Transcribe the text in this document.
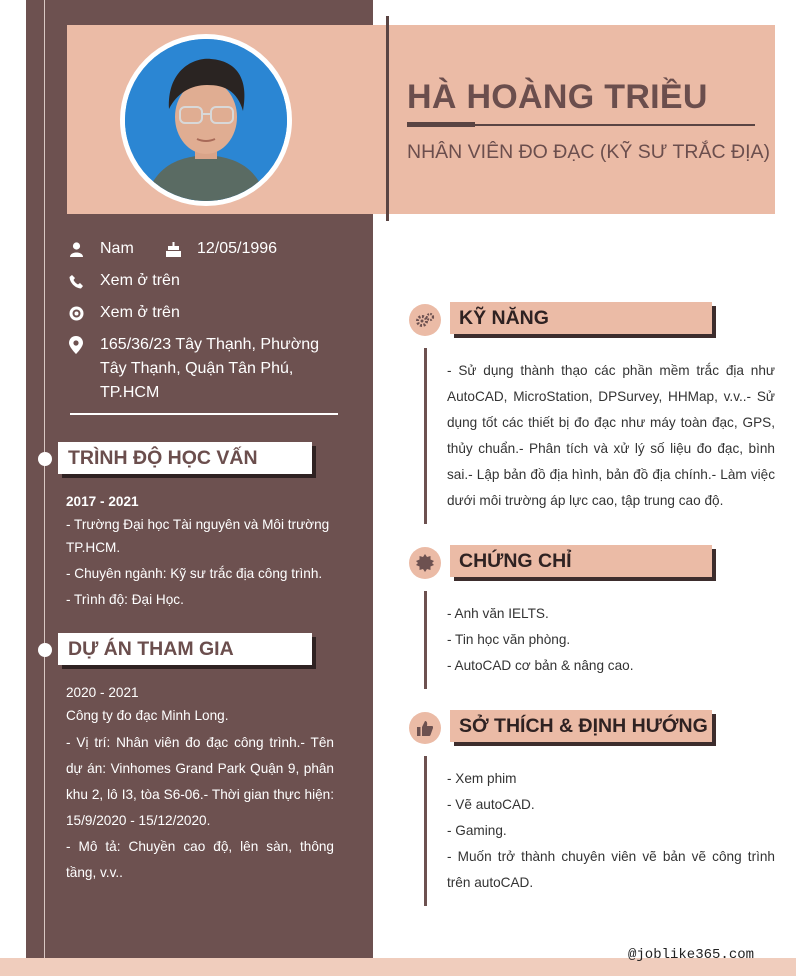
HÀ HOÀNG TRIỀU
NHÂN VIÊN ĐO ĐẠC (KỸ SƯ TRẮC ĐỊA)
Nam	12/05/1996
Xem ở trên
Xem ở trên
165/36/23 Tây Thạnh, Phường
Tây Thạnh, Quận Tân Phú,
TP.HCM
TRÌNH ĐỘ HỌC VẤN
2017 - 2021
- Trường Đại học Tài nguyên và Môi trường TP.HCM.
- Chuyên ngành: Kỹ sư trắc địa công trình.
- Trình độ: Đại Học.
DỰ ÁN THAM GIA
2020 - 2021
Công ty đo đạc Minh Long.
- Vị trí: Nhân viên đo đạc công trình.- Tên dự án: Vinhomes Grand Park Quận 9, phân khu 2, lô I3, tòa S6-06.- Thời gian thực hiện: 15/9/2020 - 15/12/2020.
- Mô tả: Chuyền cao độ, lên sàn, thông tầng, v.v..
KỸ NĂNG
- Sử dụng thành thạo các phần mềm trắc địa như AutoCAD, MicroStation, DPSurvey, HHMap, v.v..- Sử dụng tốt các thiết bị đo đạc như máy toàn đạc, GPS, thủy chuẩn.- Phân tích và xử lý số liệu đo đạc, bình sai.- Lập bản đồ địa hình, bản đồ địa chính.- Làm việc dưới môi trường áp lực cao, tập trung cao độ.
CHỨNG CHỈ
- Anh văn IELTS.
- Tin học văn phòng.
- AutoCAD cơ bản & nâng cao.
SỞ THÍCH & ĐỊNH HƯỚNG
- Xem phim
- Vẽ autoCAD.
- Gaming.
- Muốn trở thành chuyên viên vẽ bản vẽ công trình trên autoCAD.
@joblike365.com
